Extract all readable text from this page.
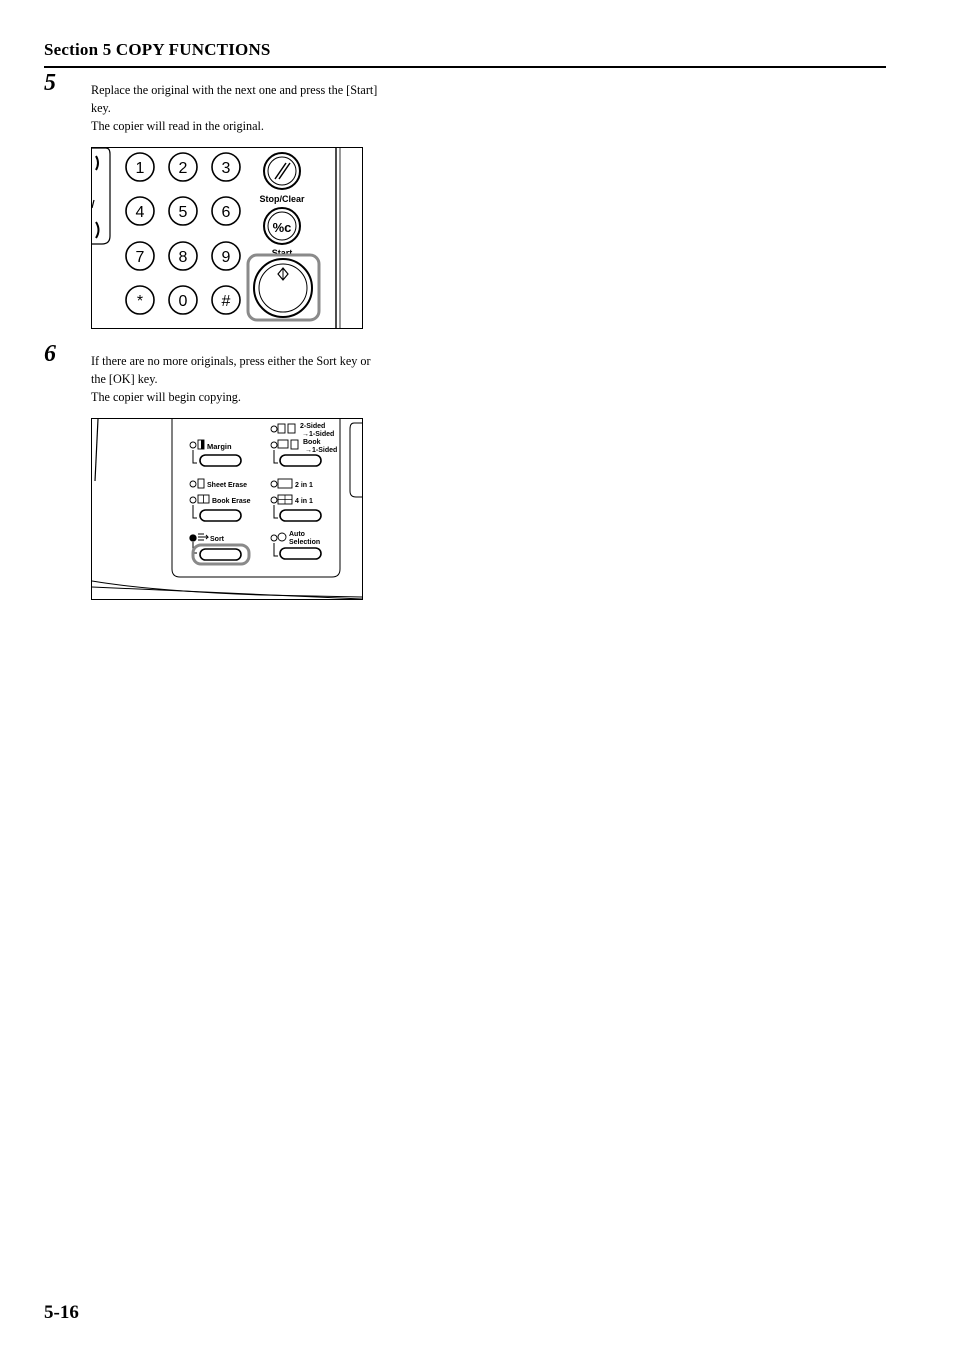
Section 5 COPY FUNCTIONS
5	Replace the original with the next one and press the [Start]

key.

The copier will read in the original.

1 2 3
4 5 6
7 8 9
* 0 #
Stop/Clear
%c
Start
6	If there are no more originals, press either the Sort key or

the [OK] key.

The copier will begin copying.

Margin
2-Sided
→1-Sided
Book
→1-Sided
Sheet Erase
Book Erase
2 in 1
4 in 1
Sort
Auto
Selection
5-16
